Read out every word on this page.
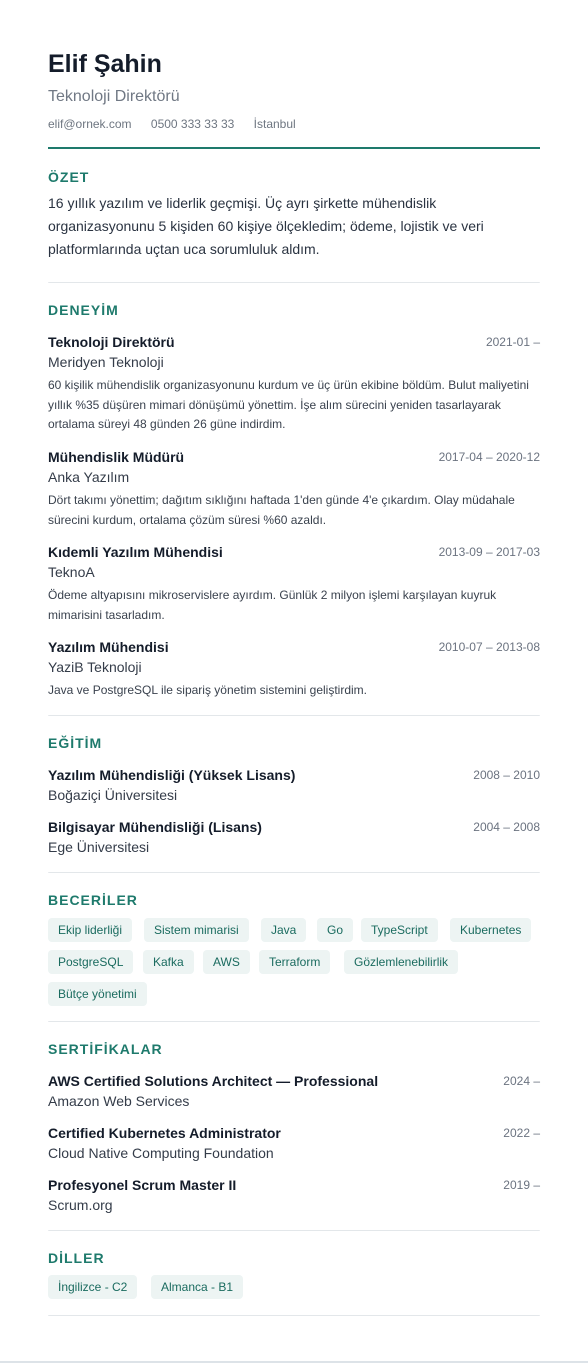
Elif Şahin
Teknoloji Direktörü
elif@ornek.com 0500 333 33 33 İstanbul
ÖZET

16 yıllık yazılım ve liderlik geçmişi. Üç ayrı şirkette mühendislik organizasyonunu 5 kişiden 60 kişiye ölçekledim; ödeme, lojistik ve veri platformlarında uçtan uca sorumluluk aldım.

DENEYİM
Teknoloji Direktörü	2021-01 –
Meridyen Teknoloji

60 kişilik mühendislik organizasyonunu kurdum ve üç ürün ekibine böldüm. Bulut maliyetini yıllık %35 düşüren mimari dönüşümü yönettim. İşe alım sürecini yeniden tasarlayarak ortalama süreyi 48 günden 26 güne indirdim.

Mühendislik Müdürü	2017-04 – 2020-12
Anka Yazılım

Dört takımı yönettim; dağıtım sıklığını haftada 1'den günde 4'e çıkardım. Olay müdahale sürecini kurdum, ortalama çözüm süresi %60 azaldı.

Kıdemli Yazılım Mühendisi	2013-09 – 2017-03
TeknoA

Ödeme altyapısını mikroservislere ayırdım. Günlük 2 milyon işlemi karşılayan kuyruk mimarisini tasarladım.

Yazılım Mühendisi	2010-07 – 2013-08
YaziB Teknoloji

Java ve PostgreSQL ile sipariş yönetim sistemini geliştirdim.

EĞİTİM
Yazılım Mühendisliği (Yüksek Lisans)	2008 – 2010
Boğaziçi Üniversitesi
Bilgisayar Mühendisliği (Lisans)	2004 – 2008
Ege Üniversitesi
BECERİLER
Ekip liderliği	Sistem mimarisi	Java	Go	TypeScript	Kubernetes
PostgreSQL	Kafka	AWS	Terraform	Gözlemlenebilirlik
Bütçe yönetimi
SERTİFİKALAR
AWS Certified Solutions Architect — Professional	2024 –
Amazon Web Services
Certified Kubernetes Administrator	2022 –
Cloud Native Computing Foundation
Profesyonel Scrum Master II	2019 –
Scrum.org
DİLLER
İngilizce - C2	Almanca - B1
